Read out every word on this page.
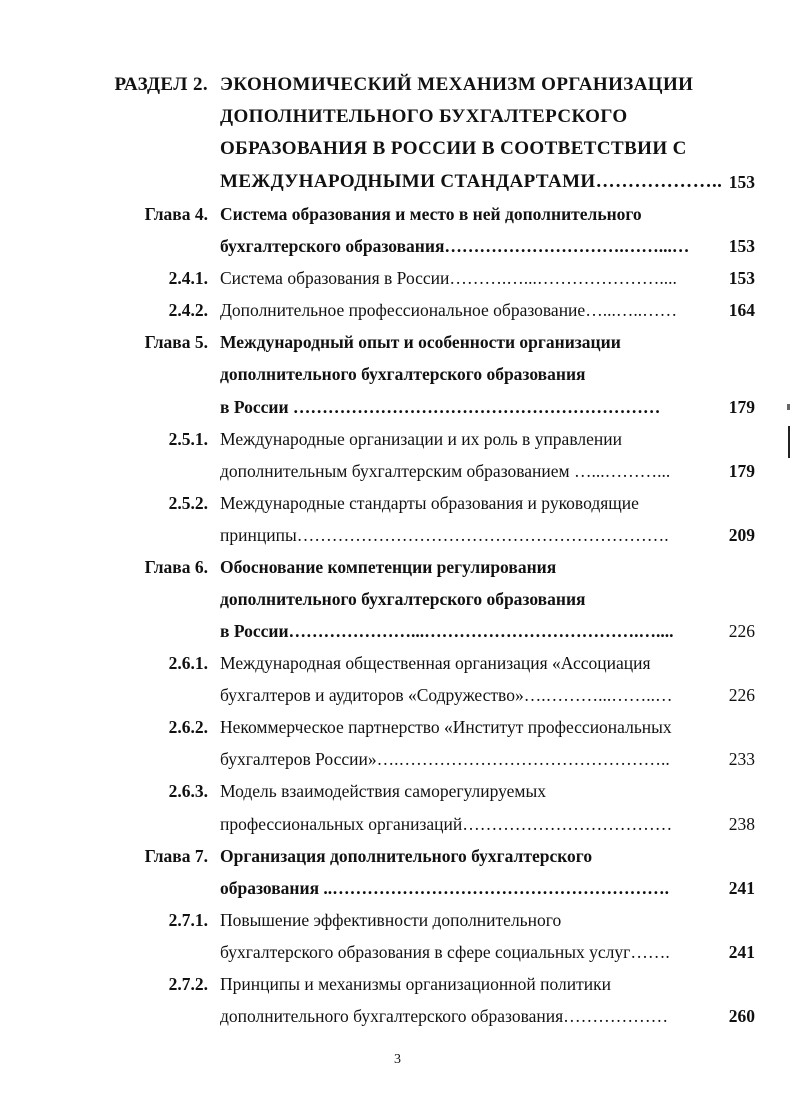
РАЗДЕЛ 2. ЭКОНОМИЧЕСКИЙ МЕХАНИЗМ ОРГАНИЗАЦИИ
ДОПОЛНИТЕЛЬНОГО БУХГАЛТЕРСКОГО
ОБРАЗОВАНИЯ В РОССИИ В СООТВЕТСТВИИ С
МЕЖДУНАРОДНЫМИ СТАНДАРТАМИ……………….. 153
Глава 4. Система образования и место в ней дополнительного
бухгалтерского образования………………………….……...…	153
2.4.1. Система образования в России……….…...…………………....	153
2.4.2. Дополнительное профессиональное образование…...…..……	164
Глава 5. Международный опыт и особенности организации
дополнительного бухгалтерского образования
в России ………………………………………………………	179
2.5.1. Международные организации и их роль в управлении
дополнительным бухгалтерским образованием …...………...	179
2.5.2. Международные стандарты образования и руководящие
принципы……………………………………………………….	209
Глава 6. Обоснование компетенции регулирования
дополнительного бухгалтерского образования
в России…………………...……………………………….…....	226
2.6.1. Международная общественная организация «Ассоциация
бухгалтеров и аудиторов «Содружество»….………...……..…	226
2.6.2. Некоммерческое партнерство «Институт профессиональных
бухгалтеров России»….………………………………………..	233
2.6.3. Модель взаимодействия саморегулируемых
профессиональных организаций………………………………	238
Глава 7. Организация дополнительного бухгалтерского
образования ..………………………………………………….	241
2.7.1. Повышение эффективности дополнительного
бухгалтерского образования в сфере социальных услуг…….	241
2.7.2. Принципы и механизмы организационной политики
дополнительного бухгалтерского образования………………	260
3
